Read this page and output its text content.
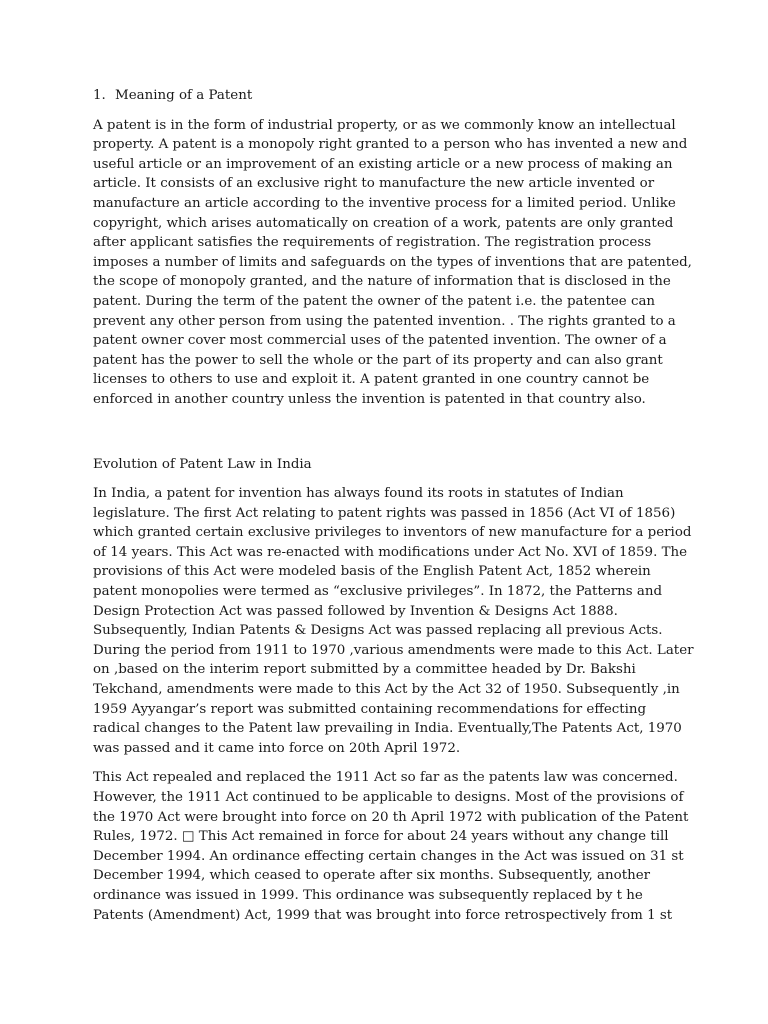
1. Meaning of a Patent
A patent is in the form of industrial property, or as we commonly know an intellectual
property. A patent is a monopoly right granted to a person who has invented a new and
useful article or an improvement of an existing article or a new process of making an
article. It consists of an exclusive right to manufacture the new article invented or
manufacture an article according to the inventive process for a limited period. Unlike
copyright, which arises automatically on creation of a work, patents are only granted
after applicant satisfies the requirements of registration. The registration process
imposes a number of limits and safeguards on the types of inventions that are patented,
the scope of monopoly granted, and the nature of information that is disclosed in the
patent. During the term of the patent the owner of the patent i.e. the patentee can
prevent any other person from using the patented invention. . The rights granted to a
patent owner cover most commercial uses of the patented invention. The owner of a
patent has the power to sell the whole or the part of its property and can also grant
licenses to others to use and exploit it. A patent granted in one country cannot be
enforced in another country unless the invention is patented in that country also.
Evolution of Patent Law in India
In India, a patent for invention has always found its roots in statutes of Indian
legislature. The first Act relating to patent rights was passed in 1856 (Act VI of 1856)
which granted certain exclusive privileges to inventors of new manufacture for a period
of 14 years. This Act was re-enacted with modifications under Act No. XVI of 1859. The
provisions of this Act were modeled basis of the English Patent Act, 1852 wherein
patent monopolies were termed as “exclusive privileges”. In 1872, the Patterns and
Design Protection Act was passed followed by Invention & Designs Act 1888.
Subsequently, Indian Patents & Designs Act was passed replacing all previous Acts.
During the period from 1911 to 1970 ,various amendments were made to this Act. Later
on ,based on the interim report submitted by a committee headed by Dr. Bakshi
Tekchand, amendments were made to this Act by the Act 32 of 1950. Subsequently ,in
1959 Ayyangar’s report was submitted containing recommendations for effecting
radical changes to the Patent law prevailing in India. Eventually,The Patents Act, 1970
was passed and it came into force on 20th April 1972.
This Act repealed and replaced the 1911 Act so far as the patents law was concerned.
However, the 1911 Act continued to be applicable to designs. Most of the provisions of
the 1970 Act were brought into force on 20 th April 1972 with publication of the Patent
Rules, 1972. □ This Act remained in force for about 24 years without any change till
December 1994. An ordinance effecting certain changes in the Act was issued on 31 st
December 1994, which ceased to operate after six months. Subsequently, another
ordinance was issued in 1999. This ordinance was subsequently replaced by t he
Patents (Amendment) Act, 1999 that was brought into force retrospectively from 1 st
